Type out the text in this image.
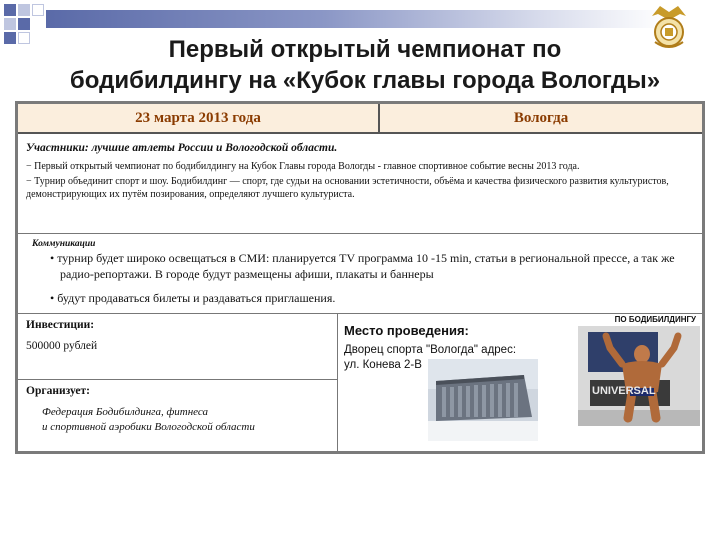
Первый открытый чемпионат по
бодибилдингу на «Кубок главы города Вологды»
23 марта 2013 года	Вологда
Участники: лучшие атлеты России и Вологодской области.
− Первый открытый чемпионат по бодибилдингу на Кубок Главы города Вологды - главное спортивное событие весны 2013 года.
− Турнир объединит спорт и шоу. Бодибилдинг — спорт, где судьи на основании эстетичности, объёма и качества физического развития культуристов, демонстрирующих их путём позирования, определяют лучшего культуриста.
Коммуникации
• турнир будет широко освещаться в СМИ: планируется TV программа 10 -15 min, статьи в региональной прессе, а так же радио-репортажи. В городе будут размещены афиши, плакаты и баннеры
• будут продаваться билеты и раздаваться приглашения.
Инвестиции:
500000 рублей
Организует:
Федерация Бодибилдинга, фитнеса
и спортивной аэробики Вологодской области
Место проведения:
Дворец спорта "Вологда" адрес:
ул. Конева 2-В
ПО БОДИБИЛДИНГУ
UNIVERSAL
